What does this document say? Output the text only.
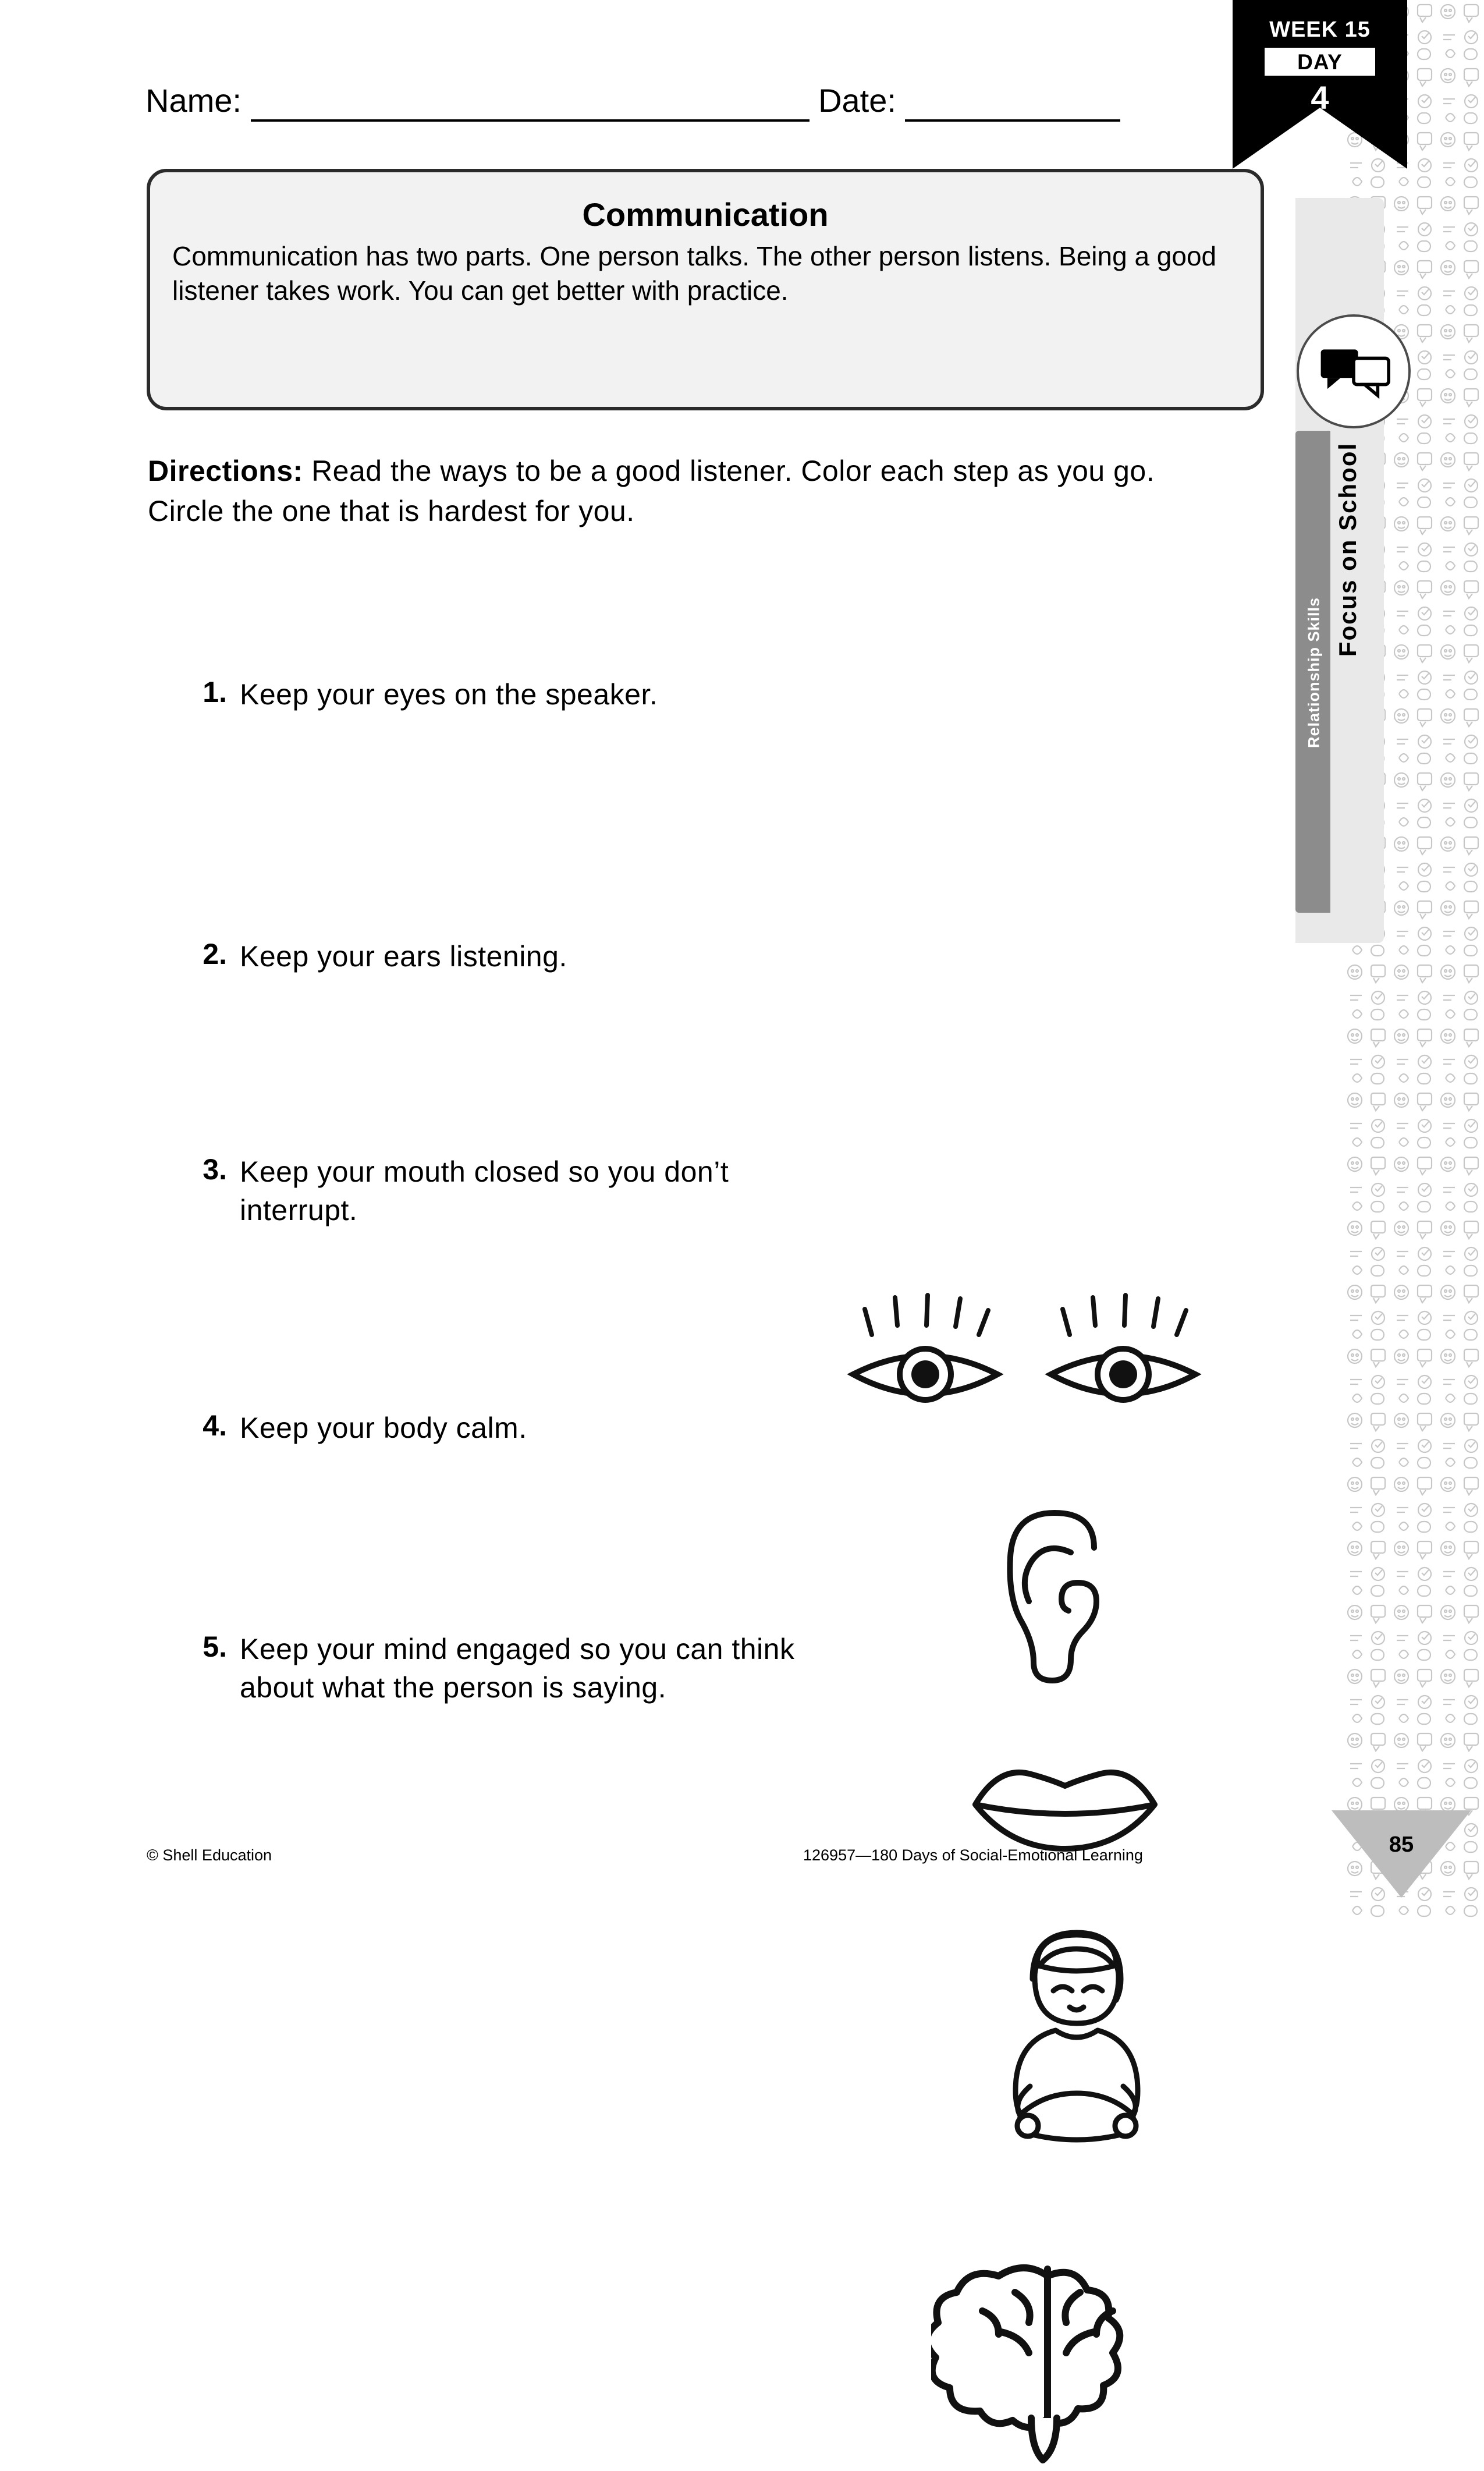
Focus on School
Relationship Skills
WEEK 15
DAY
4
Name:	Date:
Communication
Communication has two parts. One person talks. The other person listens. Being a good listener takes work. You can get better with practice.
Directions: Read the ways to be a good listener. Color each step as you go. Circle the one that is hardest for you.
1. Keep your eyes on the speaker.
2. Keep your ears listening.
3. Keep your mouth closed so you don’t interrupt.
4. Keep your body calm.
5. Keep your mind engaged so you can think about what the person is saying.
© Shell Education	126957—180 Days of Social-Emotional Learning	85
